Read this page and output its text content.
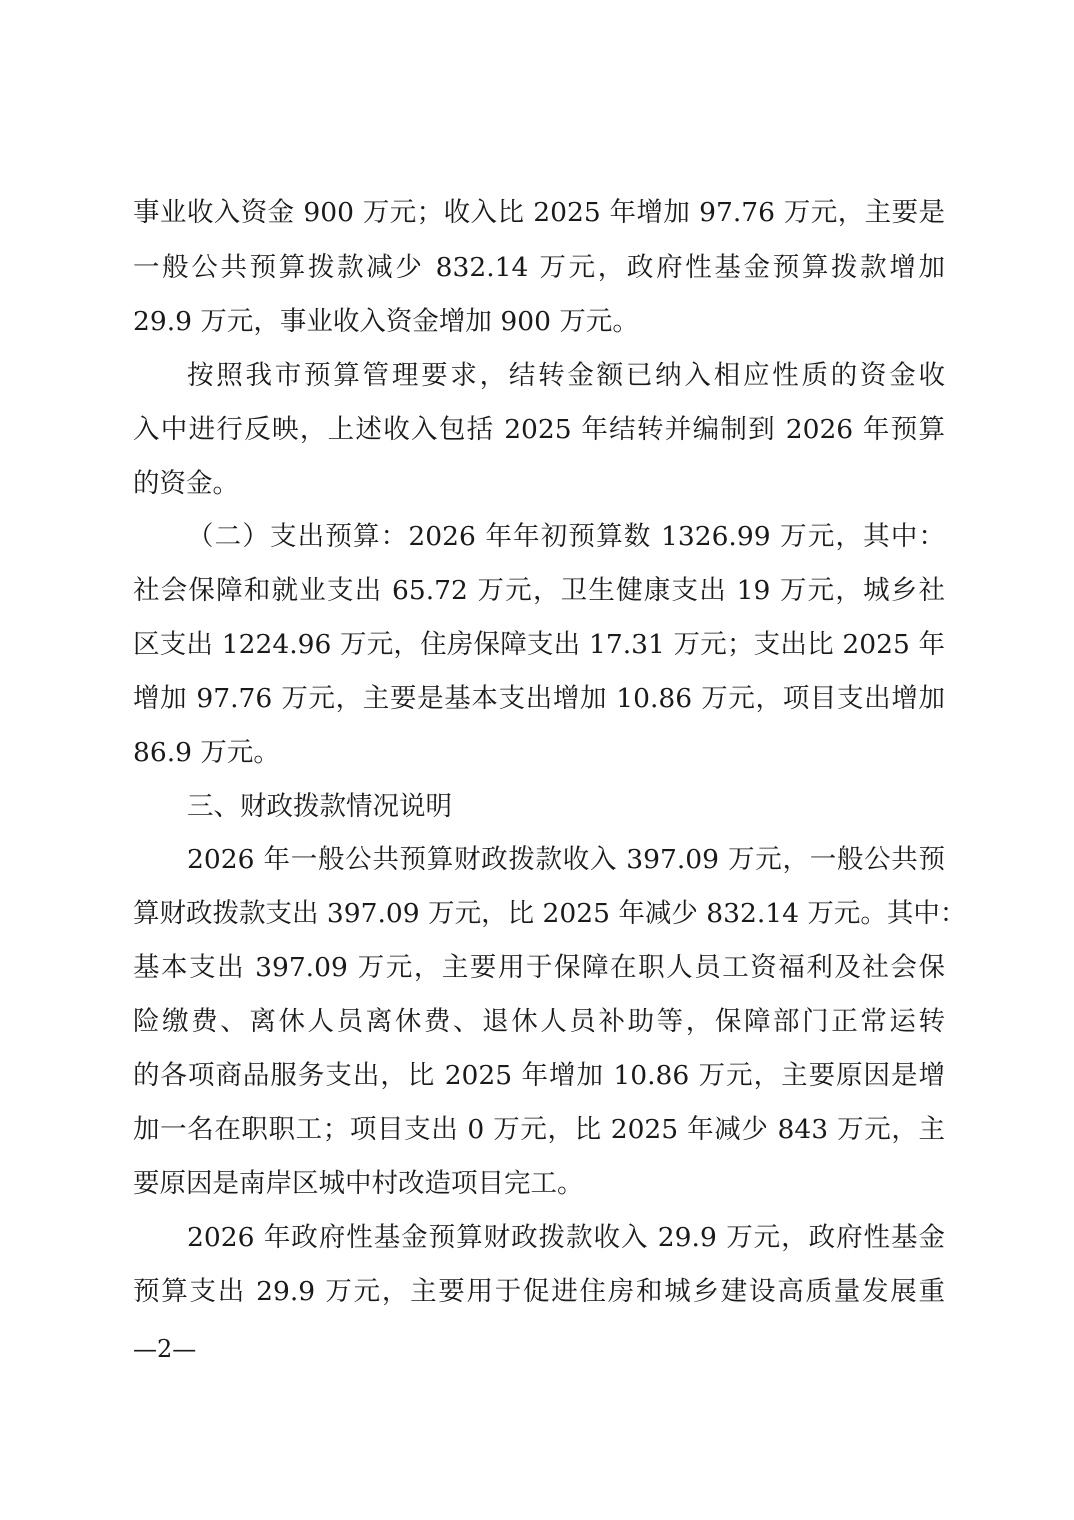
事业收入资金 900 万元；收入比 2025 年增加 97.76 万元，主要是
一般公共预算拨款减少 832.14 万元，政府性基金预算拨款增加
29.9 万元，事业收入资金增加 900 万元。
按照我市预算管理要求，结转金额已纳入相应性质的资金收
入中进行反映，上述收入包括 2025 年结转并编制到 2026 年预算
的资金。
（二）支出预算：2026 年年初预算数 1326.99 万元，其中：
社会保障和就业支出 65.72 万元，卫生健康支出 19 万元，城乡社
区支出 1224.96 万元，住房保障支出 17.31 万元；支出比 2025 年
增加 97.76 万元，主要是基本支出增加 10.86 万元，项目支出增加
86.9 万元。
三、财政拨款情况说明
2026 年一般公共预算财政拨款收入 397.09 万元，一般公共预
算财政拨款支出 397.09 万元，比 2025 年减少 832.14 万元。其中：
基本支出 397.09 万元，主要用于保障在职人员工资福利及社会保
险缴费、离休人员离休费、退休人员补助等，保障部门正常运转
的各项商品服务支出，比 2025 年增加 10.86 万元，主要原因是增
加一名在职职工；项目支出 0 万元，比 2025 年减少 843 万元，主
要原因是南岸区城中村改造项目完工。
2026 年政府性基金预算财政拨款收入 29.9 万元，政府性基金
预算支出 29.9 万元，主要用于促进住房和城乡建设高质量发展重
—2—
